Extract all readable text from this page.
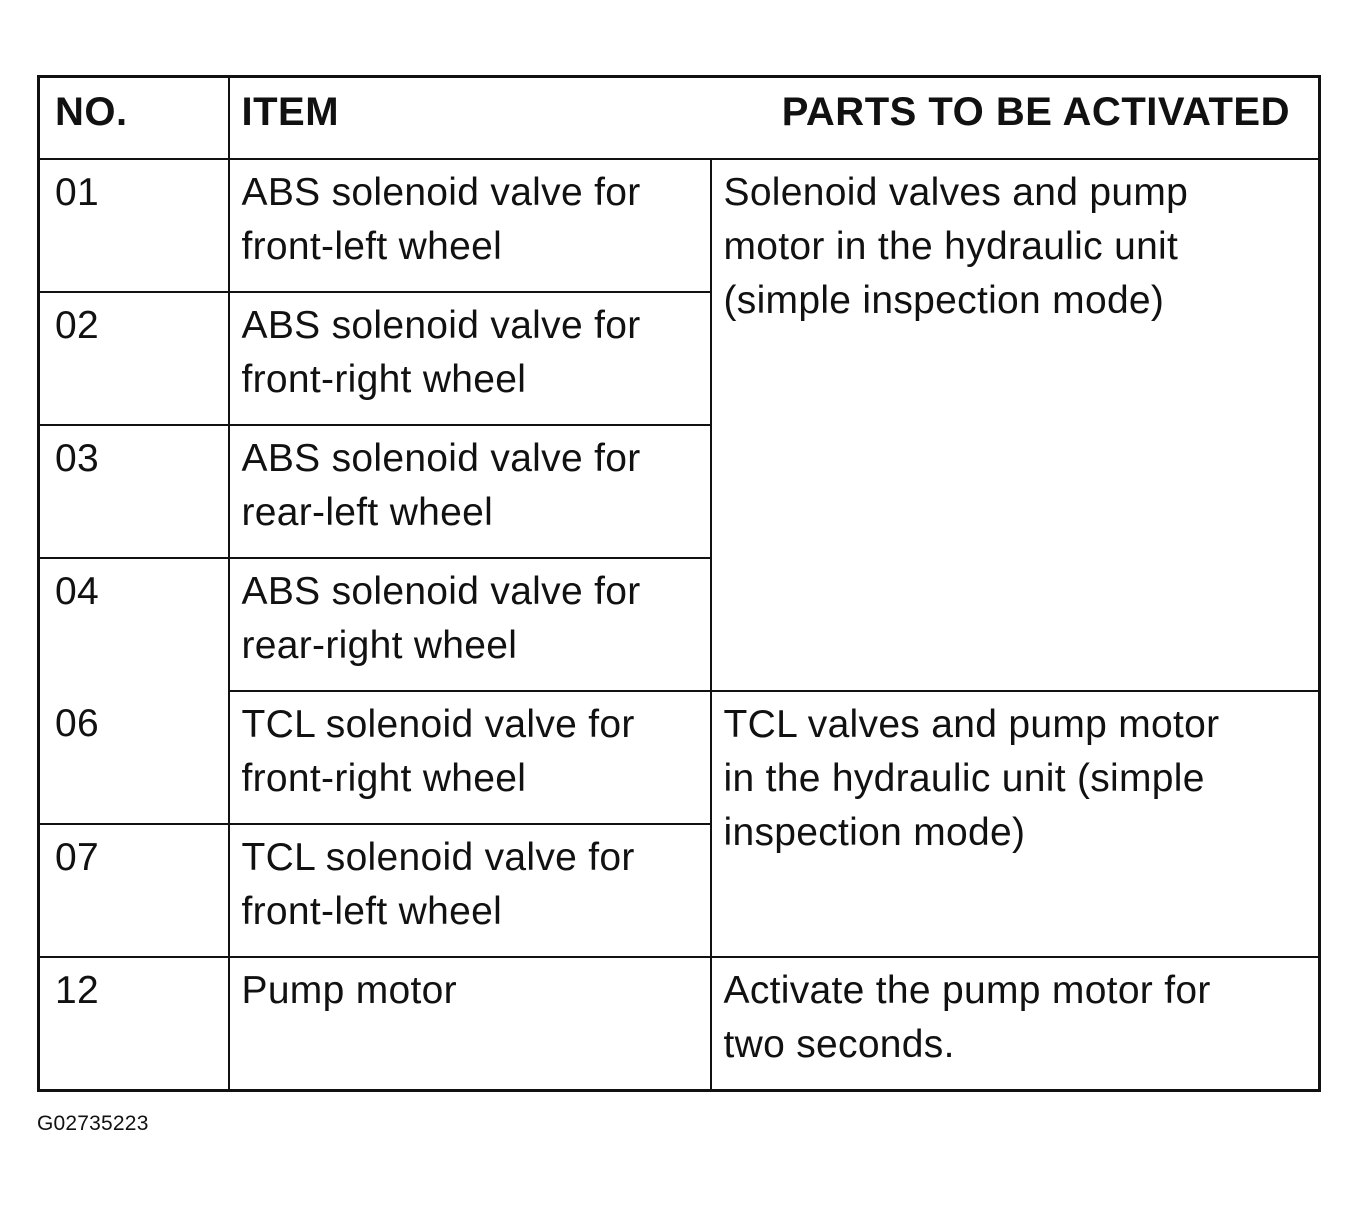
NO.	ITEM PARTS TO BE ACTIVATED	

01	ABS solenoid valve for
front-left wheel	Solenoid valves and pump
motor in the hydraulic unit
(simple inspection mode)

02	ABS solenoid valve for
front-right wheel	

03	ABS solenoid valve for
rear-left wheel	

04	ABS solenoid valve for
rear-right wheel	

06	TCL solenoid valve for
front-right wheel	TCL valves and pump motor
in the hydraulic unit (simple
inspection mode)

07	TCL solenoid valve for
front-left wheel	

12	Pump motor	Activate the pump motor for
two seconds.
G02735223
